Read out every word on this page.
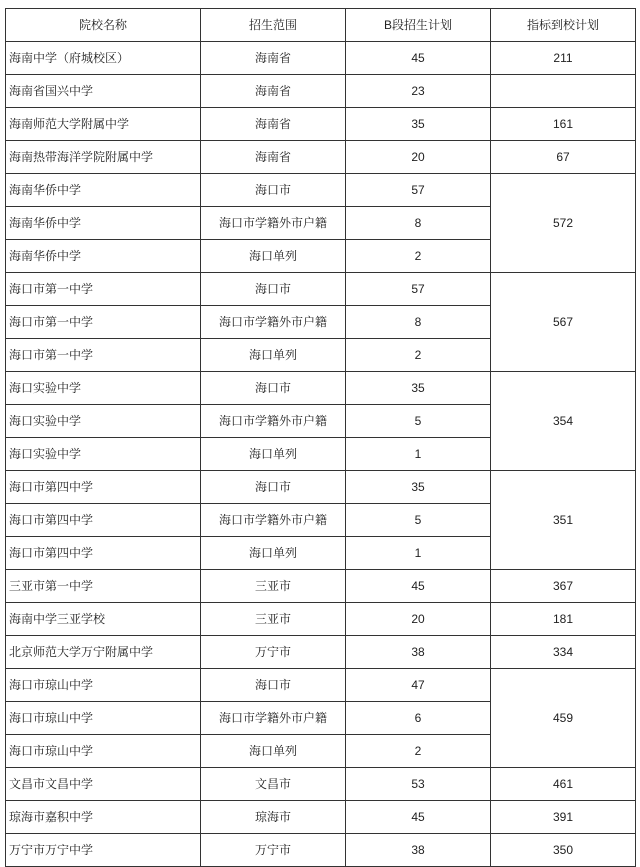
院校名称	招生范围	B段招生计划	指标到校计划
海南中学（府城校区）	海南省	45	211
海南省国兴中学	海南省	23	
海南师范大学附属中学	海南省	35	161
海南热带海洋学院附属中学	海南省	20	67
海南华侨中学	海口市	57	572
海南华侨中学	海口市学籍外市户籍	8	
海南华侨中学	海口单列	2	
海口市第一中学	海口市	57	567
海口市第一中学	海口市学籍外市户籍	8	
海口市第一中学	海口单列	2	
海口实验中学	海口市	35	354
海口实验中学	海口市学籍外市户籍	5	
海口实验中学	海口单列	1	
海口市第四中学	海口市	35	351
海口市第四中学	海口市学籍外市户籍	5	
海口市第四中学	海口单列	1	
三亚市第一中学	三亚市	45	367
海南中学三亚学校	三亚市	20	181
北京师范大学万宁附属中学	万宁市	38	334
海口市琼山中学	海口市	47	459
海口市琼山中学	海口市学籍外市户籍	6	
海口市琼山中学	海口单列	2	
文昌市文昌中学	文昌市	53	461
琼海市嘉积中学	琼海市	45	391
万宁市万宁中学	万宁市	38	350
